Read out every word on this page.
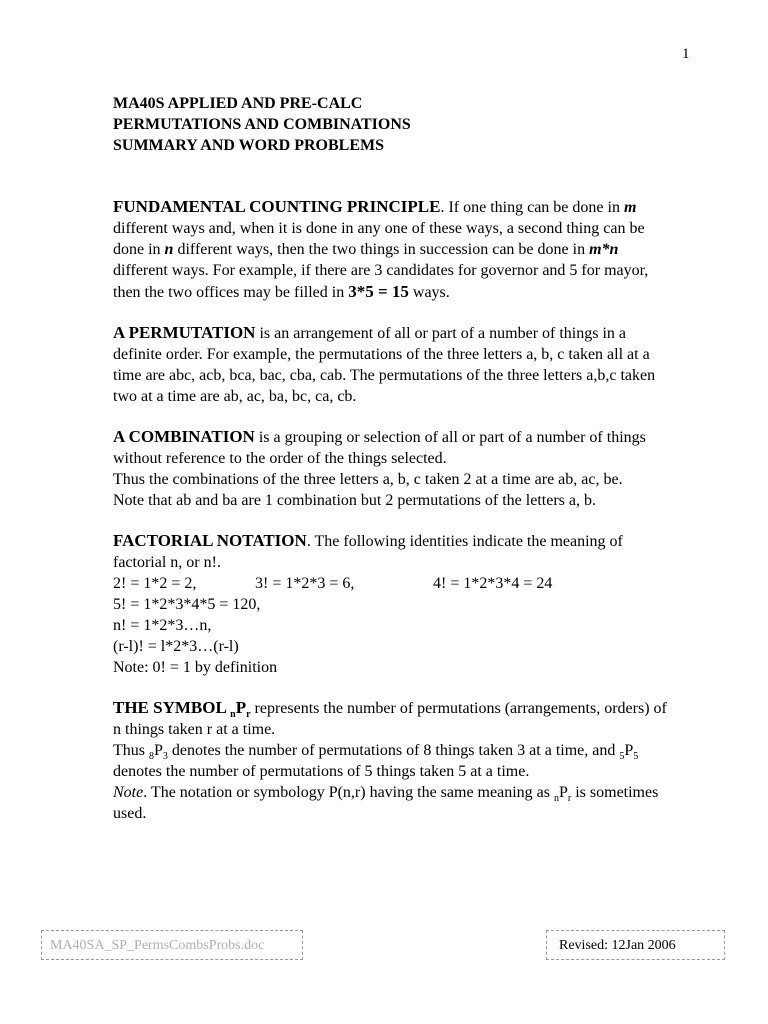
1
MA40S APPLIED AND PRE-CALC
PERMUTATIONS AND COMBINATIONS
SUMMARY AND WORD PROBLEMS
FUNDAMENTAL COUNTING PRINCIPLE. If one thing can be done in m different ways and, when it is done in any one of these ways, a second thing can be done in n different ways, then the two things in succession can be done in m*n different ways. For example, if there are 3 candidates for governor and 5 for mayor, then the two offices may be filled in 3*5 = 15 ways.
A PERMUTATION is an arrangement of all or part of a number of things in a definite order. For example, the permutations of the three letters a, b, c taken all at a time are abc, acb, bca, bac, cba, cab. The permutations of the three letters a,b,c taken two at a time are ab, ac, ba, bc, ca, cb.
A COMBINATION is a grouping or selection of all or part of a number of things without reference to the order of the things selected.
Thus the combinations of the three letters a, b, c taken 2 at a time are ab, ac, be.
Note that ab and ba are 1 combination but 2 permutations of the letters a, b.
FACTORIAL NOTATION. The following identities indicate the meaning of factorial n, or n!.
2! = 1*2 = 2,	3! = 1*2*3 = 6,	4! = 1*2*3*4 = 24
5! = 1*2*3*4*5 = 120,
n! = 1*2*3…n,
(r-l)! = l*2*3…(r-l)
Note: 0! = 1 by definition
THE SYMBOL $_nP_r$ represents the number of permutations (arrangements, orders) of n things taken r at a time.
Thus $_8P_3$ denotes the number of permutations of 8 things taken 3 at a time, and $_5P_5$ denotes the number of permutations of 5 things taken 5 at a time.
Note. The notation or symbology P(n,r) having the same meaning as $_nP_r$ is sometimes used.
MA40SA_SP_PermsCombsProbs.doc	Revised: 12Jan 2006
